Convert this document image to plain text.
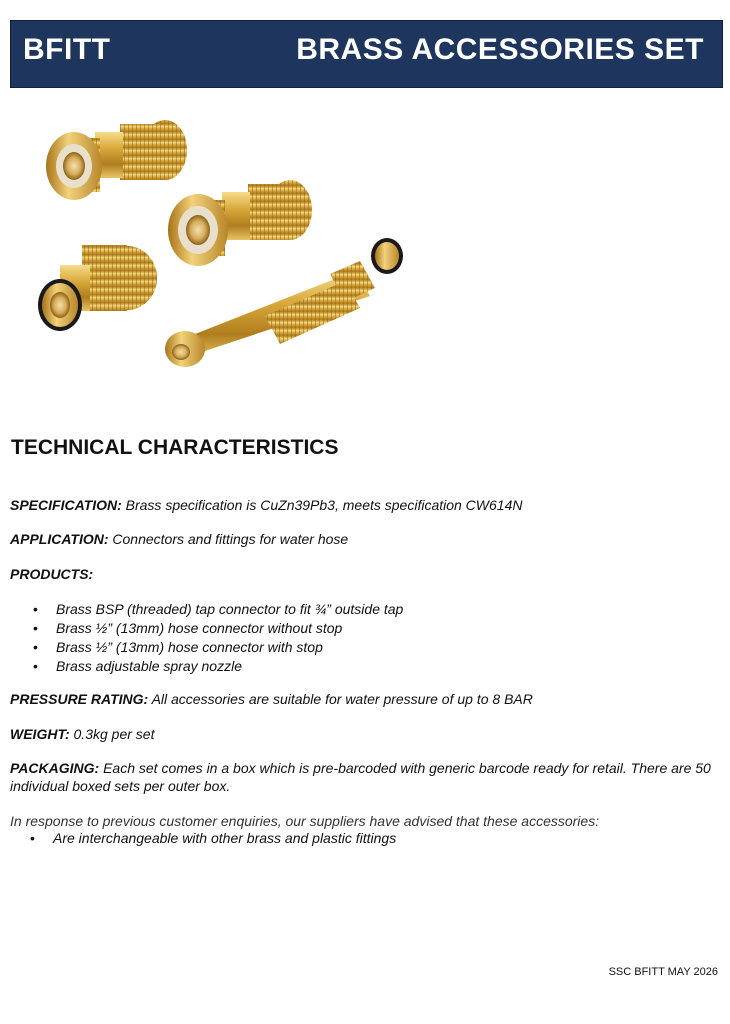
BFITT	BRASS ACCESSORIES SET
TECHNICAL CHARACTERISTICS

SPECIFICATION: Brass specification is CuZn39Pb3, meets specification CW614N

APPLICATION: Connectors and fittings for water hose

PRODUCTS:

• Brass BSP (threaded) tap connector to fit ¾” outside tap
• Brass ½” (13mm) hose connector without stop
• Brass ½” (13mm) hose connector with stop
• Brass adjustable spray nozzle

PRESSURE RATING: All accessories are suitable for water pressure of up to 8 BAR

WEIGHT: 0.3kg per set

PACKAGING: Each set comes in a box which is pre-barcoded with generic barcode ready for retail. There are 50 individual boxed sets per outer box.

In response to previous customer enquiries, our suppliers have advised that these accessories:

• Are interchangeable with other brass and plastic fittings
SSC BFITT MAY 2026
